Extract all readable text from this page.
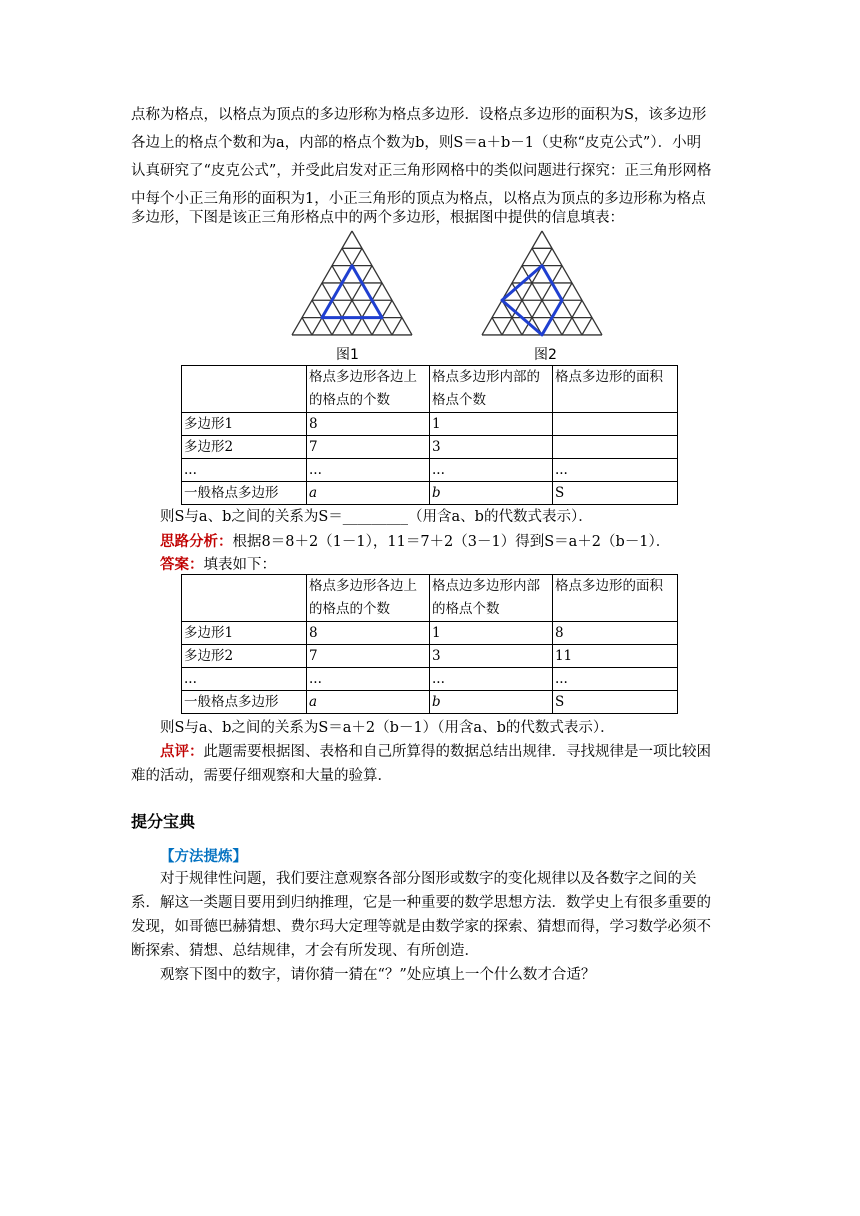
点称为格点，以格点为顶点的多边形称为格点多边形．设格点多边形的面积为S，该多边形
各边上的格点个数和为a，内部的格点个数为b，则S＝a＋b－1（史称“皮克公式”）．小明
认真研究了“皮克公式”，并受此启发对正三角形网格中的类似问题进行探究：正三角形网格
中每个小正三角形的面积为1，小正三角形的顶点为格点，以格点为顶点的多边形称为格点
多边形，下图是该正三角形格点中的两个多边形，根据图中提供的信息填表：
图1	图2
	格点多边形各边上的格点的个数	格点多边形内部的格点个数	格点多边形的面积
多边形1	8	1	
多边形2	7	3	
...	...	...	...
一般格点多边形	a	b	S
则S与a、b之间的关系为S＝_________（用含a、b的代数式表示）．
思路分析：根据8＝8＋2（1－1），11＝7＋2（3－1）得到S＝a＋2（b－1）．
答案：填表如下：
	格点多边形各边上的格点的个数	格点边多边形内部的格点个数	格点多边形的面积
多边形1	8	1	8
多边形2	7	3	11
...	...	...	...
一般格点多边形	a	b	S
则S与a、b之间的关系为S＝a＋2（b－1）（用含a、b的代数式表示）．
点评：此题需要根据图、表格和自己所算得的数据总结出规律．寻找规律是一项比较困
难的活动，需要仔细观察和大量的验算．
提分宝典
【方法提炼】
对于规律性问题，我们要注意观察各部分图形或数字的变化规律以及各数字之间的关
系．解这一类题目要用到归纳推理，它是一种重要的数学思想方法．数学史上有很多重要的
发现，如哥德巴赫猜想、费尔玛大定理等就是由数学家的探索、猜想而得，学习数学必须不
断探索、猜想、总结规律，才会有所发现、有所创造．
观察下图中的数字，请你猜一猜在“？”处应填上一个什么数才合适？
